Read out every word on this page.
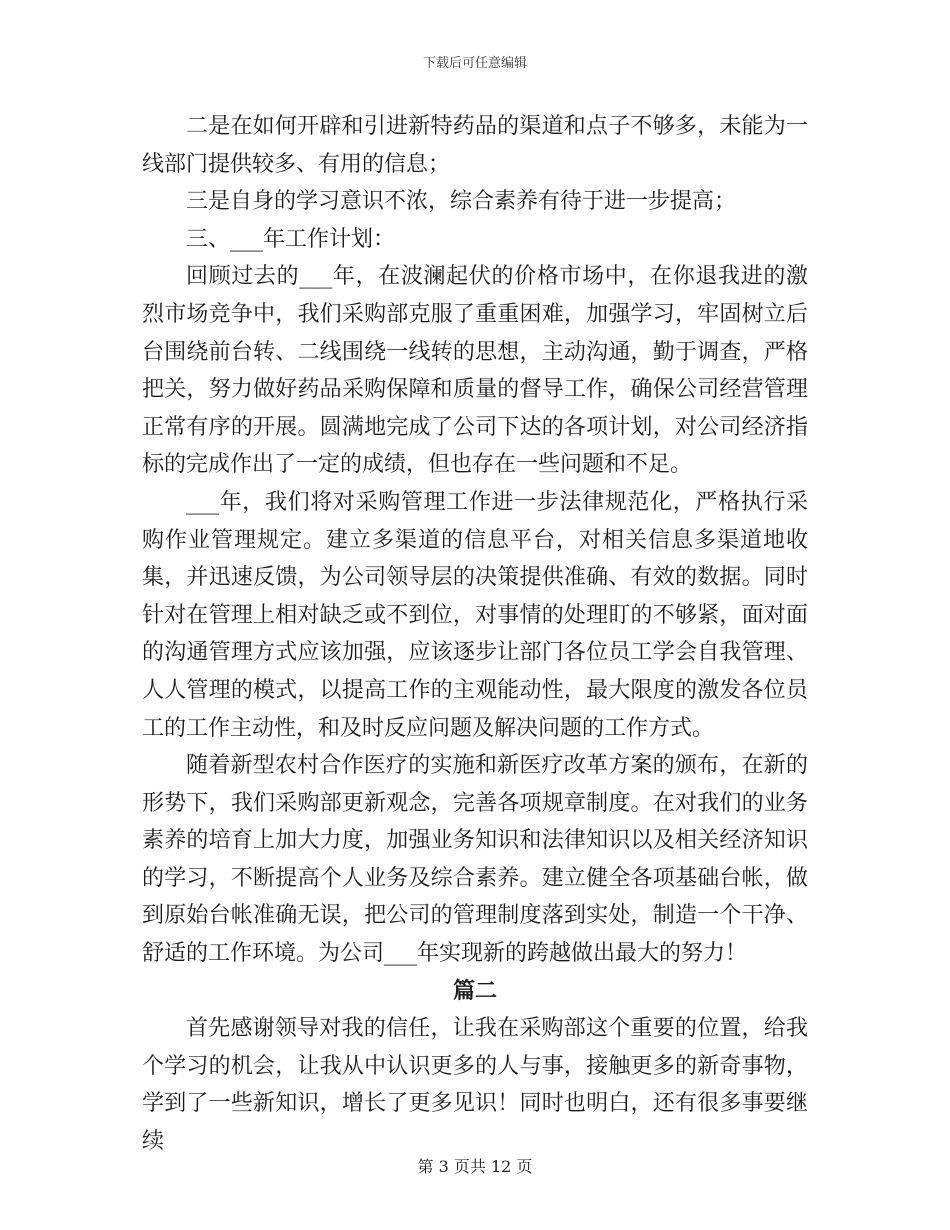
下载后可任意编辑

二是在如何开辟和引进新特药品的渠道和点子不够多，未能为一线部门提供较多、有用的信息；

三是自身的学习意识不浓，综合素养有待于进一步提高；

三、___年工作计划：

回顾过去的___年，在波澜起伏的价格市场中，在你退我进的激烈市场竞争中，我们采购部克服了重重困难，加强学习，牢固树立后台围绕前台转、二线围绕一线转的思想，主动沟通，勤于调查，严格把关，努力做好药品采购保障和质量的督导工作，确保公司经营管理正常有序的开展。圆满地完成了公司下达的各项计划，对公司经济指标的完成作出了一定的成绩，但也存在一些问题和不足。

___年，我们将对采购管理工作进一步法律规范化，严格执行采购作业管理规定。建立多渠道的信息平台，对相关信息多渠道地收集，并迅速反馈，为公司领导层的决策提供准确、有效的数据。同时针对在管理上相对缺乏或不到位，对事情的处理盯的不够紧，面对面的沟通管理方式应该加强，应该逐步让部门各位员工学会自我管理、人人管理的模式，以提高工作的主观能动性，最大限度的激发各位员工的工作主动性，和及时反应问题及解决问题的工作方式。

随着新型农村合作医疗的实施和新医疗改革方案的颁布，在新的形势下，我们采购部更新观念，完善各项规章制度。在对我们的业务素养的培育上加大力度，加强业务知识和法律知识以及相关经济知识的学习，不断提高个人业务及综合素养。建立健全各项基础台帐，做到原始台帐准确无误，把公司的管理制度落到实处，制造一个干净、舒适的工作环境。为公司___年实现新的跨越做出最大的努力！

篇二

首先感谢领导对我的信任，让我在采购部这个重要的位置，给我个学习的机会，让我从中认识更多的人与事，接触更多的新奇事物，学到了一些新知识，增长了更多见识！同时也明白，还有很多事要继续

第 3 页共 12 页
